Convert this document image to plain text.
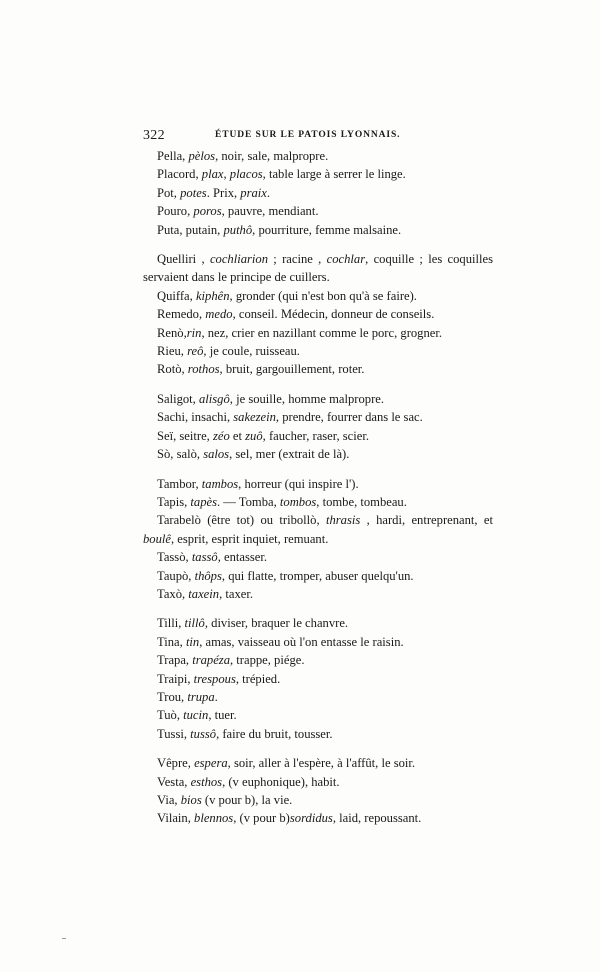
322	ÉTUDE SUR LE PATOIS LYONNAIS.
Pella, pèlos, noir, sale, malpropre.
Placord, plax, placos, table large à serrer le linge.
Pot, potes. Prix, praix.
Pouro, poros, pauvre, mendiant.
Puta, putain, puthô, pourriture, femme malsaine.
Quelliri , cochliarion ; racine , cochlar, coquille ; les coquilles servaient dans le principe de cuillers.
Quiffa, kiphên, gronder (qui n'est bon qu'à se faire).
Remedo, medo, conseil. Médecin, donneur de conseils.
Renò,rin, nez, crier en nazillant comme le porc, grogner.
Rieu, reô, je coule, ruisseau.
Rotò, rothos, bruit, gargouillement, roter.
Saligot, alisgô, je souille, homme malpropre.
Sachi, insachi, sakezein, prendre, fourrer dans le sac.
Seï, seitre, zéo et zuô, faucher, raser, scier.
Sò, salò, salos, sel, mer (extrait de là).
Tambor, tambos, horreur (qui inspire l').
Tapis, tapès. — Tomba, tombos, tombe, tombeau.
Tarabelò (être tot) ou tribollò, thrasis , hardi, entreprenant, et boulê, esprit, esprit inquiet, remuant.
Tassò, tassô, entasser.
Taupò, thôps, qui flatte, tromper, abuser quelqu'un.
Taxò, taxein, taxer.
Tilli, tillô, diviser, braquer le chanvre.
Tina, tin, amas, vaisseau où l'on entasse le raisin.
Trapa, trapéza, trappe, piége.
Traipi, trespous, trépied.
Trou, trupa.
Tuò, tucin, tuer.
Tussi, tussô, faire du bruit, tousser.
Vêpre, espera, soir, aller à l'espère, à l'affût, le soir.
Vesta, esthos, (v euphonique), habit.
Via, bios (v pour b), la vie.
Vilain, blennos, (v pour b)sordidus, laid, repoussant.
